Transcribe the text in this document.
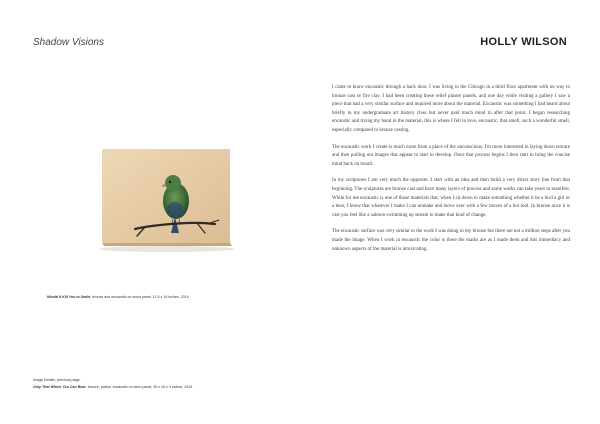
Shadow Visions	HOLLY WILSON
Would It Kill You to Smile: bronze and encaustic on wood panel, 11.5 x 16 inches, 2014
Image Details, previous page:
Only That Which You Can Bear, bronze, patina, encaustic on birch panel, 20 x 16 x 4 inches, 2015

I came to know encaustic through a back door. I was living in the Chicago in a third floor apartment with no way to bronze cast or fire clay. I had been creating these relief plaster panels, and one day while visiting a gallery I saw a piece that had a very similar surface and inquired more about the material. Encaustic was something I had heard about briefly in my undergraduate art history class but never paid much mind to after that point. I began researching encaustic and trying my hand in the material, this is where I fell in love, encaustic, that smell, such a wonderful smell, especially compared to bronze casting.

The encaustic work I create is much more from a place of the unconscious. I'm more interested in laying down texture and then pulling out images that appear to start to develop. Once that process begins I then start to bring the concise mind back on board.

In my sculptures I am very much the opposite. I start with an idea and then build a very direct story line from that beginning. The sculptures are bronze cast and have many layers of process and some works can take years to manifest. While for me encaustic is one of those materials that, when I sit down to make something whether it be a bird a girl or a bear, I know that whatever I make I can unmake and move over with a few moves of a hot tool. In bronze once it is cast you feel like a salmon swimming up stream to make that kind of change.

The encaustic surface was very similar to the work I was doing in my bronze but there are not a million steps after you made the image. When I work in encaustic the color is there the marks are as I made them and this immediacy and unknown aspects of the material is intoxicating.
